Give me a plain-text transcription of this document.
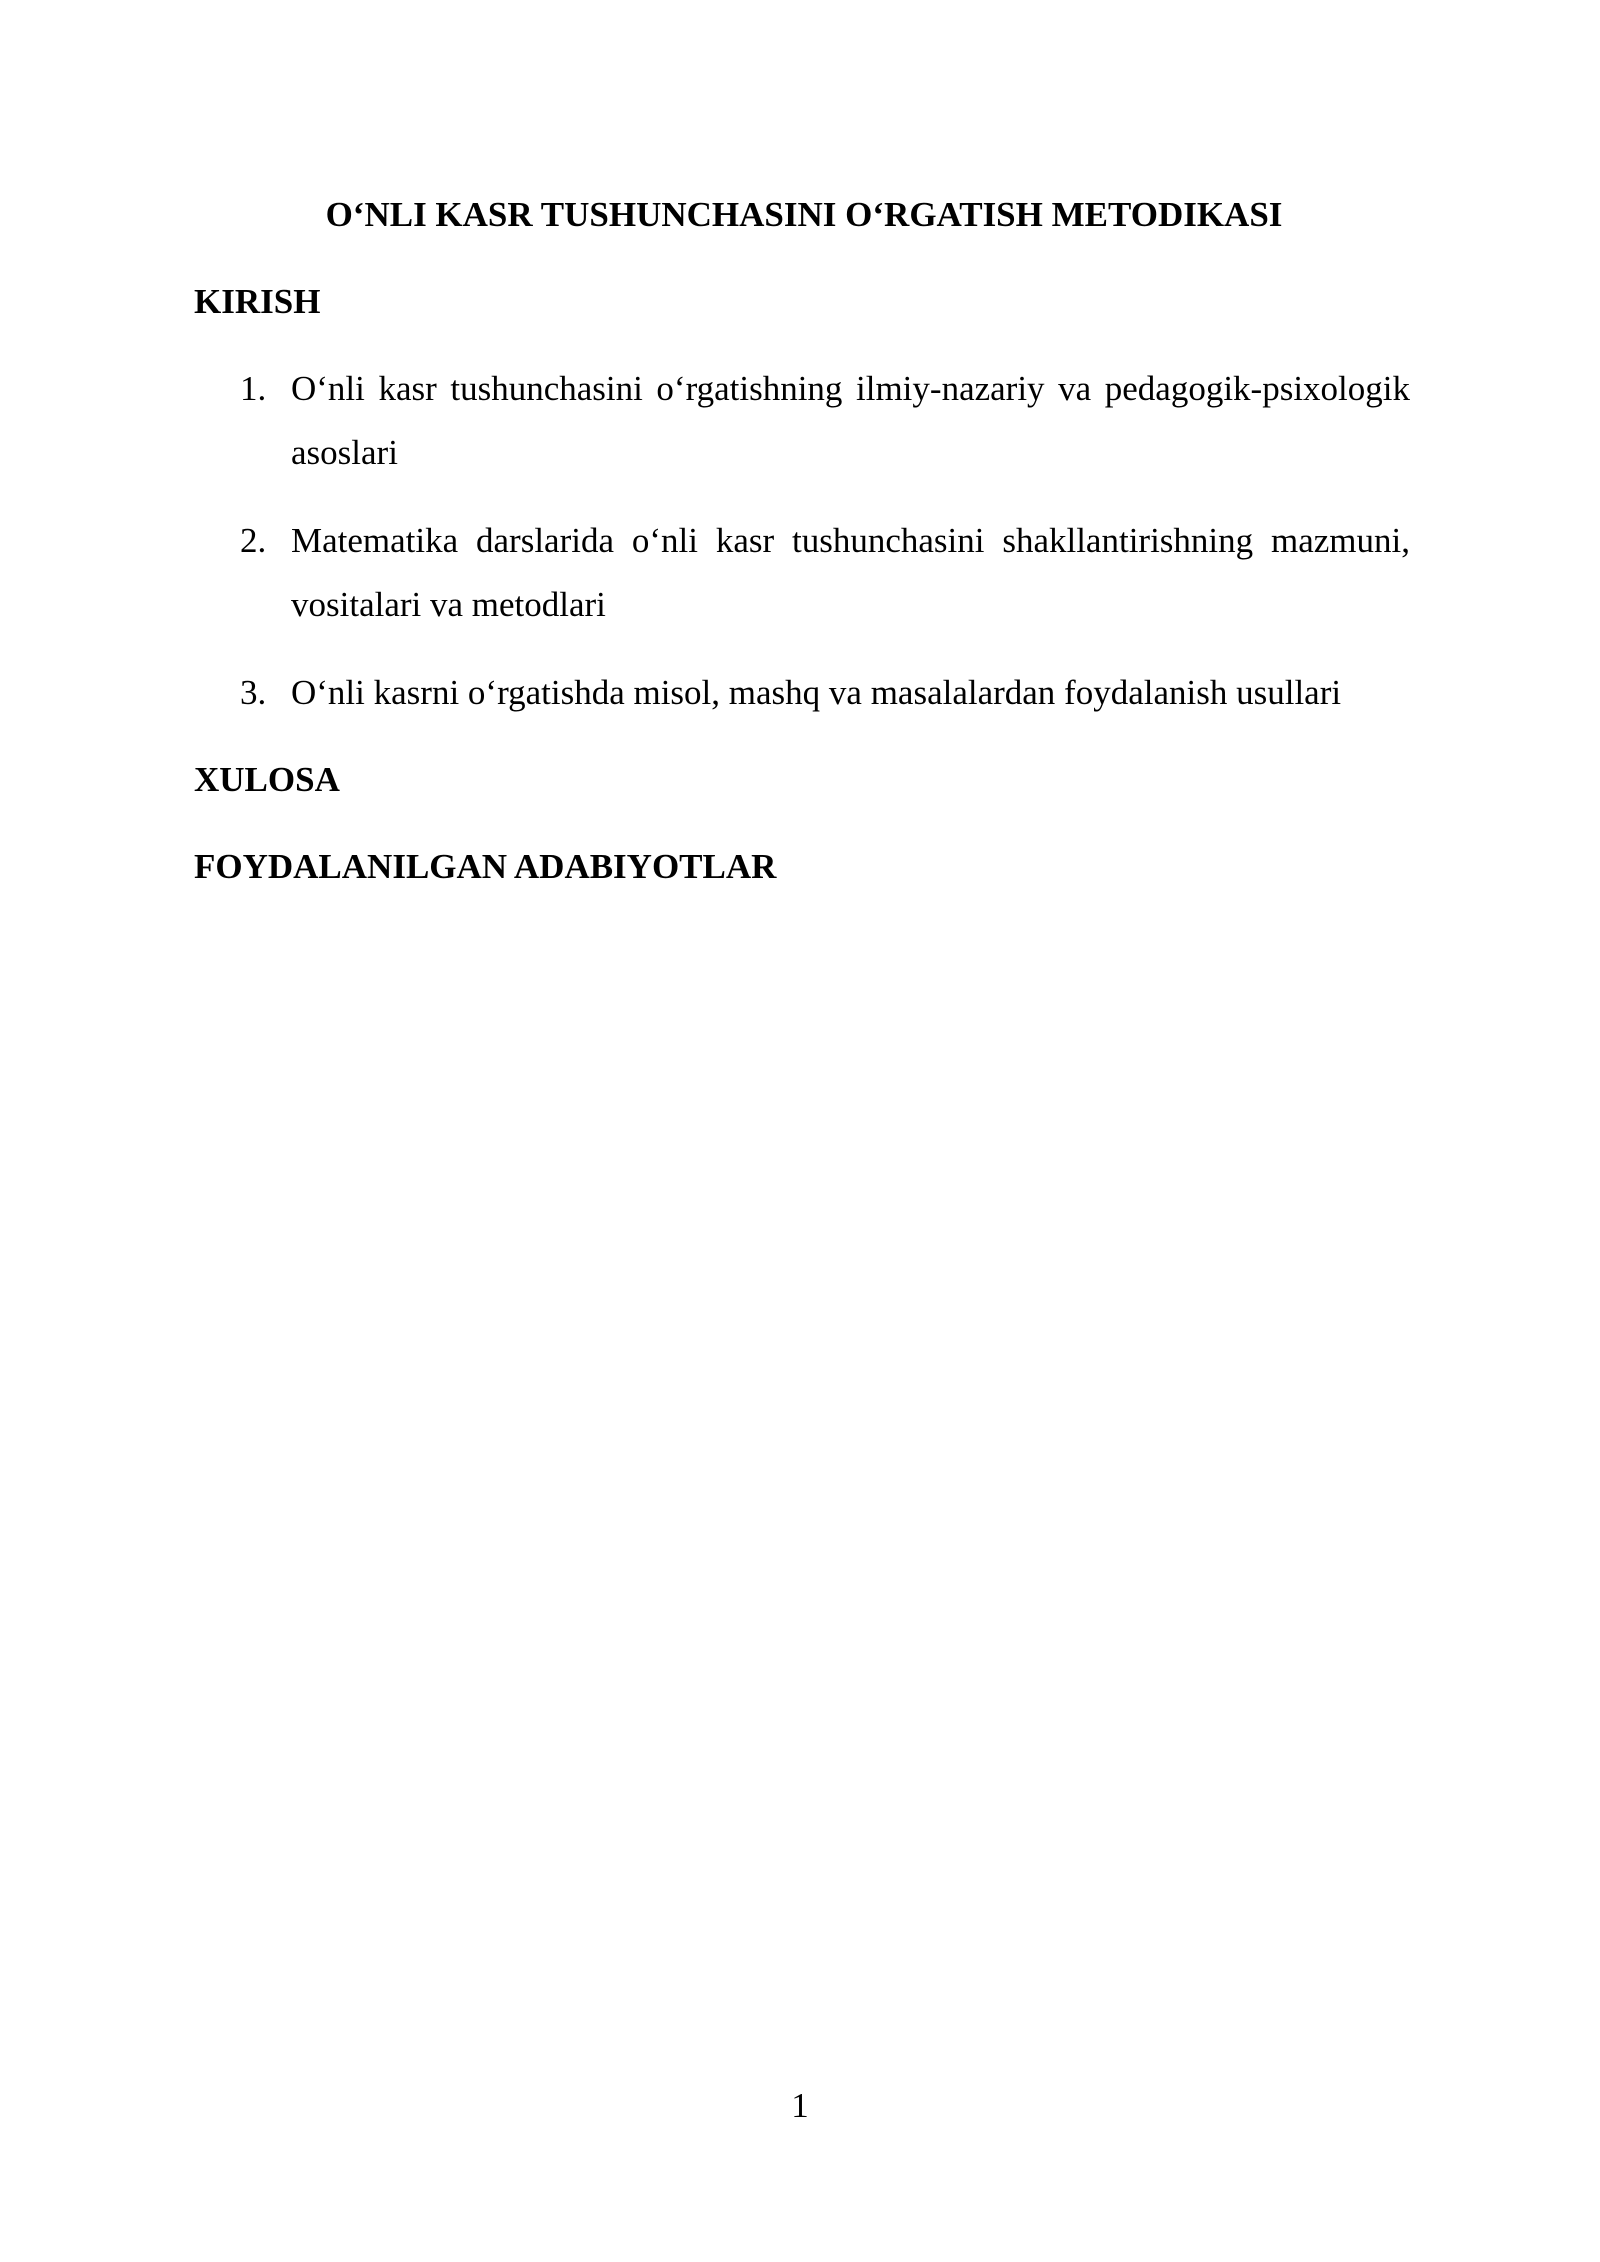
O‘NLI KASR TUSHUNCHASINI O‘RGATISH METODIKASI
KIRISH
1. O‘nli kasr tushunchasini o‘rgatishning ilmiy-nazariy va pedagogik-psixologik asoslari
2. Matematika darslarida o‘nli kasr tushunchasini shakllantirishning mazmuni, vositalari va metodlari
3. O‘nli kasrni o‘rgatishda misol, mashq va masalalardan foydalanish usullari
XULOSA
FOYDALANILGAN ADABIYOTLAR
1
